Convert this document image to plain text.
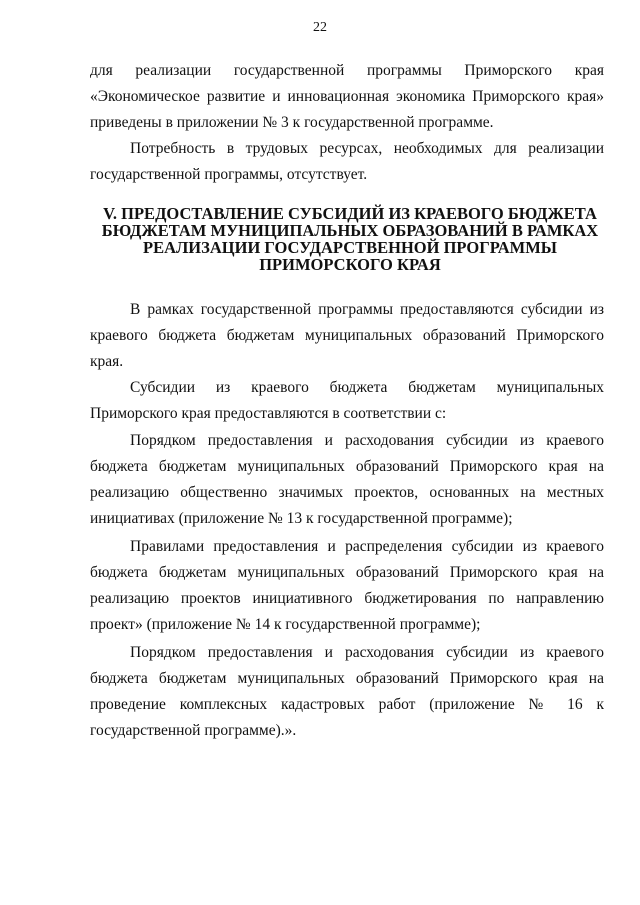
22
для реализации государственной программы Приморского края
«Экономическое развитие и инновационная экономика Приморского края»
приведены в приложении № 3 к государственной программе.
Потребность в трудовых ресурсах, необходимых для реализации
государственной программы, отсутствует.
V. ПРЕДОСТАВЛЕНИЕ СУБСИДИЙ ИЗ КРАЕВОГО БЮДЖЕТА
БЮДЖЕТАМ МУНИЦИПАЛЬНЫХ ОБРАЗОВАНИЙ В РАМКАХ
РЕАЛИЗАЦИИ ГОСУДАРСТВЕННОЙ ПРОГРАММЫ
ПРИМОРСКОГО КРАЯ
В рамках государственной программы предоставляются субсидии из
краевого бюджета бюджетам муниципальных образований Приморского
края.
Субсидии из краевого бюджета бюджетам муниципальных
Приморского края предоставляются в соответствии с:
Порядком предоставления и расходования субсидии из краевого
бюджета бюджетам муниципальных образований Приморского края на
реализацию общественно значимых проектов, основанных на местных
инициативах (приложение № 13 к государственной программе);
Правилами предоставления и распределения субсидии из краевого
бюджета бюджетам муниципальных образований Приморского края на
реализацию проектов инициативного бюджетирования по направлению
проект» (приложение № 14 к государственной программе);
Порядком предоставления и расходования субсидии из краевого
бюджета бюджетам муниципальных образований Приморского края на
проведение комплексных кадастровых работ (приложение № 16 к
государственной программе).».
